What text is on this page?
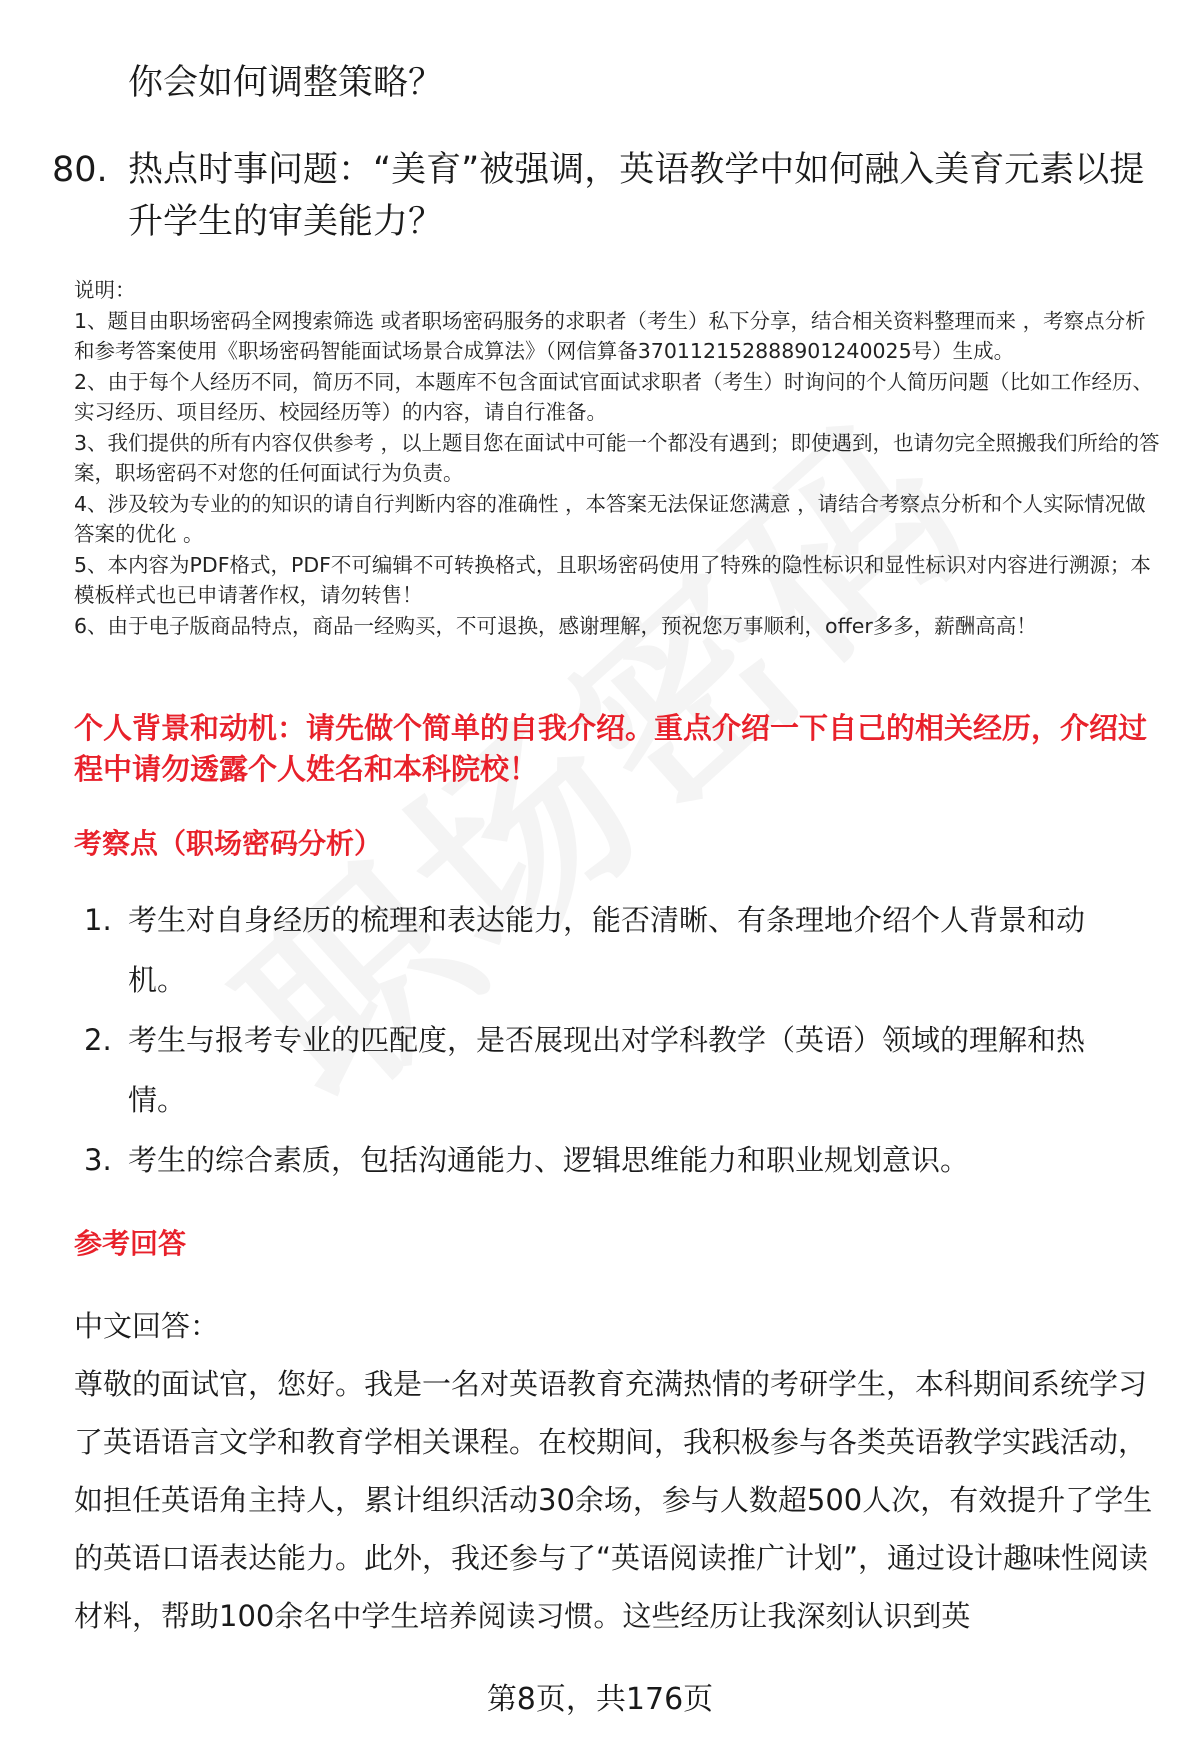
你会如何调整策略？
80. 热点时事问题：“美育”被强调，英语教学中如何融入美育元素以提升学生的审美能力？
说明：
1、题目由职场密码全网搜索筛选 或者职场密码服务的求职者（考生）私下分享，结合相关资料整理而来 ，考察点分析和参考答案使用《职场密码智能面试场景合成算法》（网信算备370112152888901240025号）生成。
2、由于每个人经历不同，简历不同，本题库不包含面试官面试求职者（考生）时询问的个人简历问题（比如工作经历、实习经历、项目经历、校园经历等）的内容，请自行准备。
3、我们提供的所有内容仅供参考 ，以上题目您在面试中可能一个都没有遇到；即使遇到，也请勿完全照搬我们所给的答案，职场密码不对您的任何面试行为负责。
4、涉及较为专业的的知识的请自行判断内容的准确性 ，本答案无法保证您满意 ，请结合考察点分析和个人实际情况做答案的优化 。
5、本内容为PDF格式，PDF不可编辑不可转换格式，且职场密码使用了特殊的隐性标识和显性标识对内容进行溯源；本模板样式也已申请著作权，请勿转售！
6、由于电子版商品特点，商品一经购买，不可退换，感谢理解，预祝您万事顺利，offer多多，薪酬高高！
个人背景和动机：请先做个简单的自我介绍。重点介绍一下自己的相关经历，介绍过程中请勿透露个人姓名和本科院校！
考察点（职场密码分析）
1. 考生对自身经历的梳理和表达能力，能否清晰、有条理地介绍个人背景和动机。
2. 考生与报考专业的匹配度，是否展现出对学科教学（英语）领域的理解和热情。
3. 考生的综合素质，包括沟通能力、逻辑思维能力和职业规划意识。
参考回答
中文回答：
尊敬的面试官，您好。我是一名对英语教育充满热情的考研学生，本科期间系统学习了英语语言文学和教育学相关课程。在校期间，我积极参与各类英语教学实践活动，如担任英语角主持人，累计组织活动30余场，参与人数超500人次，有效提升了学生的英语口语表达能力。此外，我还参与了“英语阅读推广计划”，通过设计趣味性阅读材料，帮助100余名中学生培养阅读习惯。这些经历让我深刻认识到英
第8页，共176页
